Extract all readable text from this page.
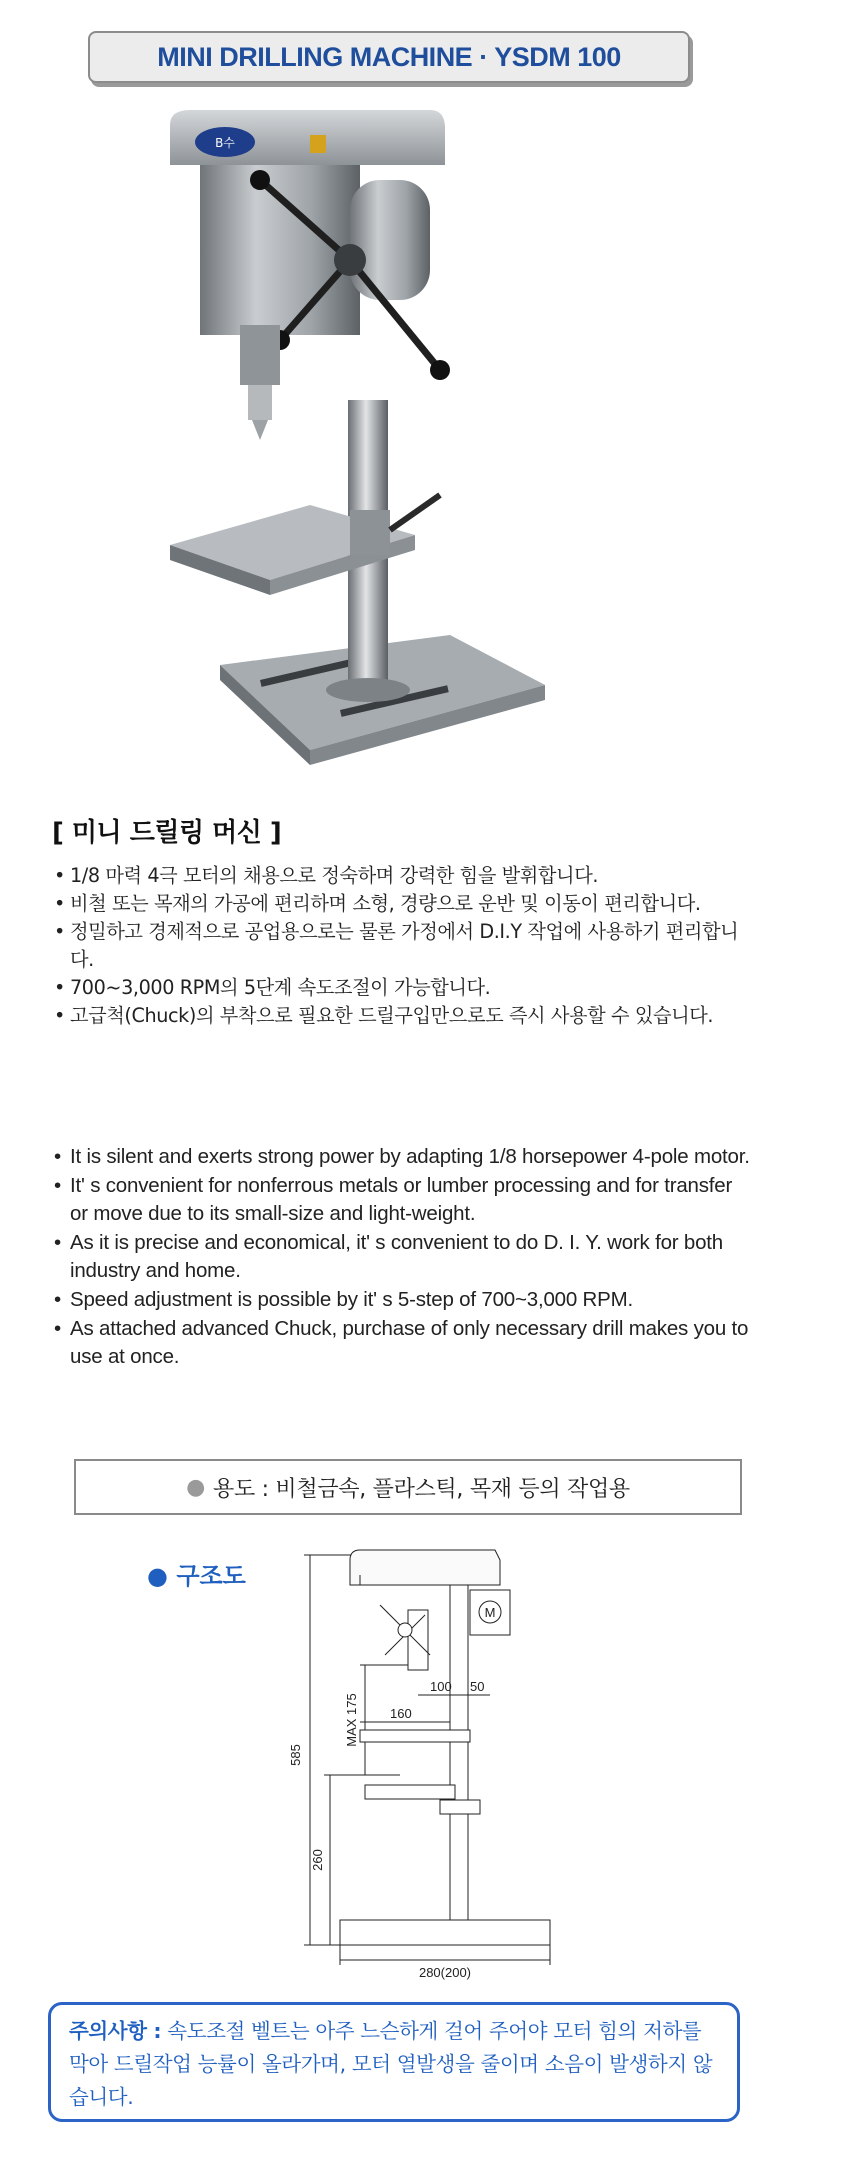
MINI DRILLING MACHINE · YSDM 100
B수
[ 미니 드릴링 머신 ]
• 1/8 마력 4극 모터의 채용으로 정숙하며 강력한 힘을 발휘합니다.
• 비철 또는 목재의 가공에 편리하며 소형, 경량으로 운반 및 이동이 편리합니다.
• 정밀하고 경제적으로 공업용으로는 물론 가정에서 D.I.Y 작업에 사용하기 편리합니다.
• 700~3,000 RPM의 5단계 속도조절이 가능합니다.
• 고급척(Chuck)의 부착으로 필요한 드릴구입만으로도 즉시 사용할 수 있습니다.
• It is silent and exerts strong power by adapting 1/8 horsepower 4-pole motor.
• It' s convenient for nonferrous metals or lumber processing and for transfer or move due to its small-size and light-weight.
• As it is precise and economical, it' s convenient to do D. I. Y. work for both industry and home.
• Speed adjustment is possible by it' s 5-step of 700~3,000 RPM.
• As attached advanced Chuck, purchase of only necessary drill makes you to use at once.
● 용도 : 비철금속, 플라스틱, 목재 등의 작업용
● 구조도
585
260
MAX 175
M
100 50
160
280(200)
주의사항 : 속도조절 벨트는 아주 느슨하게 걸어 주어야 모터 힘의 저하를 막아 드릴작업 능률이 올라가며, 모터 열발생을 줄이며 소음이 발생하지 않습니다.
